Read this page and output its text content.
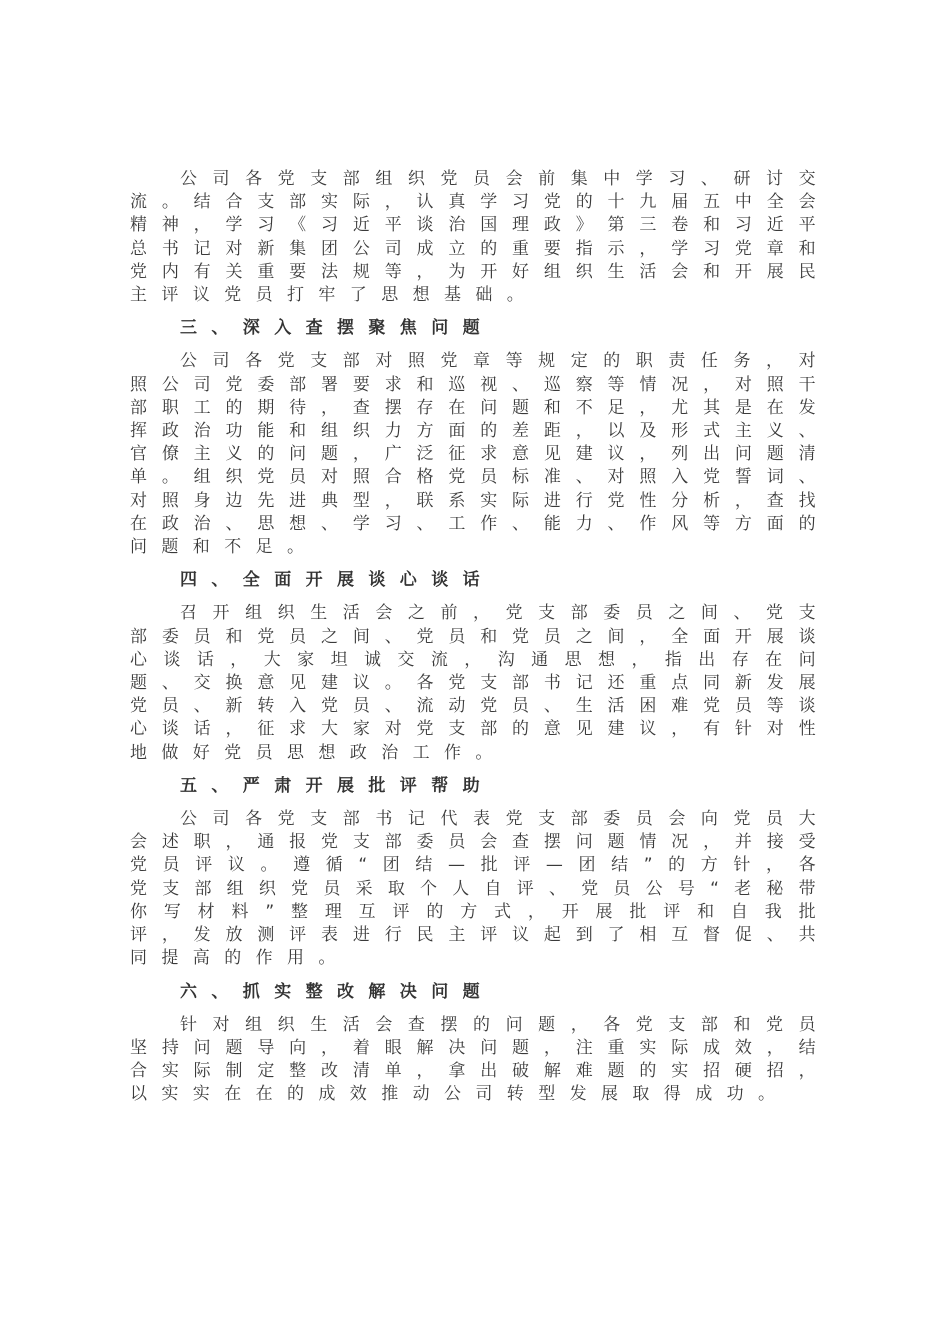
公司各党支部组织党员会前集中学习、研讨交流。结合支部实际，认真学习党的十九届五中全会精神，学习《习近平谈治国理政》第三卷和习近平总书记对新集团公司成立的重要指示，学习党章和党内有关重要法规等，为开好组织生活会和开展民主评议党员打牢了思想基础。

三、深入查摆聚焦问题

公司各党支部对照党章等规定的职责任务，对照公司党委部署要求和巡视、巡察等情况，对照干部职工的期待，查摆存在问题和不足，尤其是在发挥政治功能和组织力方面的差距，以及形式主义、官僚主义的问题，广泛征求意见建议，列出问题清单。组织党员对照合格党员标准、对照入党誓词、对照身边先进典型，联系实际进行党性分析，查找在政治、思想、学习、工作、能力、作风等方面的问题和不足。

四、全面开展谈心谈话

召开组织生活会之前，党支部委员之间、党支部委员和党员之间、党员和党员之间，全面开展谈心谈话，大家坦诚交流，沟通思想，指出存在问题、交换意见建议。各党支部书记还重点同新发展党员、新转入党员、流动党员、生活困难党员等谈心谈话，征求大家对党支部的意见建议，有针对性地做好党员思想政治工作。

五、严肃开展批评帮助

公司各党支部书记代表党支部委员会向党员大会述职，通报党支部委员会查摆问题情况，并接受党员评议。遵循“团结—批评—团结”的方针，各党支部组织党员采取个人自评、党员公号“老秘带你写材料”整理互评的方式，开展批评和自我批评，发放测评表进行民主评议起到了相互督促、共同提高的作用。

六、抓实整改解决问题

针对组织生活会查摆的问题，各党支部和党员坚持问题导向，着眼解决问题，注重实际成效，结合实际制定整改清单，拿出破解难题的实招硬招，以实实在在的成效推动公司转型发展取得成功。
